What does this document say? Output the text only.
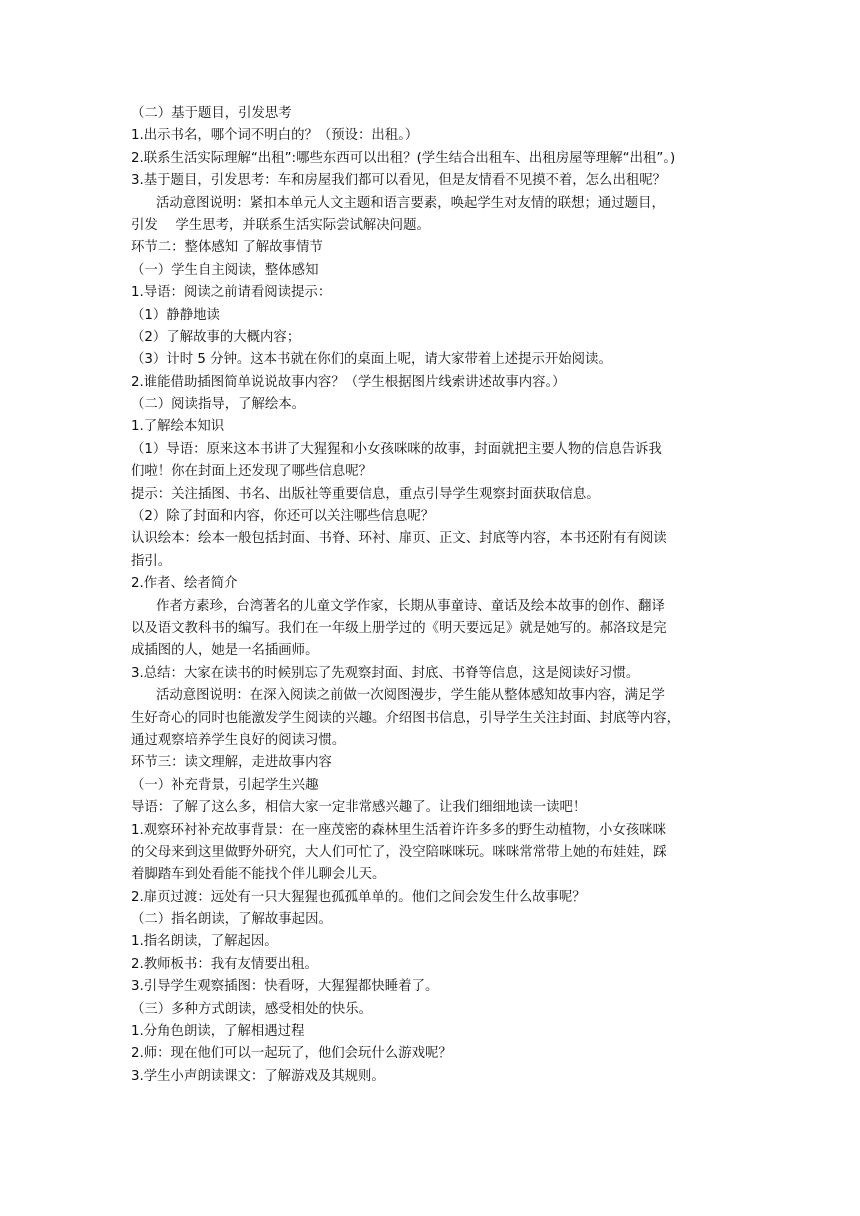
（二）基于题目，引发思考
1.出示书名，哪个词不明白的？（预设：出租。）
2.联系生活实际理解“出租”:哪些东西可以出租？(学生结合出租车、出租房屋等理解“出租”。)
3.基于题目，引发思考：车和房屋我们都可以看见，但是友情看不见摸不着，怎么出租呢？
活动意图说明：紧扣本单元人文主题和语言要素，唤起学生对友情的联想；通过题目，
引发　 学生思考，并联系生活实际尝试解决问题。
环节二：整体感知 了解故事情节
（一）学生自主阅读，整体感知
1.导语：阅读之前请看阅读提示：
（1）静静地读
（2）了解故事的大概内容；
（3）计时 5 分钟。这本书就在你们的桌面上呢，请大家带着上述提示开始阅读。
2.谁能借助插图简单说说故事内容？（学生根据图片线索讲述故事内容。）
（二）阅读指导，了解绘本。
1.了解绘本知识
（1）导语：原来这本书讲了大猩猩和小女孩咪咪的故事，封面就把主要人物的信息告诉我
们啦！你在封面上还发现了哪些信息呢？
提示：关注插图、书名、出版社等重要信息，重点引导学生观察封面获取信息。
（2）除了封面和内容，你还可以关注哪些信息呢？
认识绘本：绘本一般包括封面、书脊、环衬、扉页、正文、封底等内容，本书还附有有阅读
指引。
2.作者、绘者简介
作者方素珍，台湾著名的儿童文学作家，长期从事童诗、童话及绘本故事的创作、翻译
以及语文教科书的编写。我们在一年级上册学过的《明天要远足》就是她写的。郝洛玟是完
成插图的人，她是一名插画师。
3.总结：大家在读书的时候别忘了先观察封面、封底、书脊等信息，这是阅读好习惯。
活动意图说明：在深入阅读之前做一次阅图漫步，学生能从整体感知故事内容，满足学
生好奇心的同时也能激发学生阅读的兴趣。介绍图书信息，引导学生关注封面、封底等内容，
通过观察培养学生良好的阅读习惯。
环节三：读文理解，走进故事内容
（一）补充背景，引起学生兴趣
导语：了解了这么多，相信大家一定非常感兴趣了。让我们细细地读一读吧！
1.观察环衬补充故事背景：在一座茂密的森林里生活着许许多多的野生动植物，小女孩咪咪
的父母来到这里做野外研究，大人们可忙了，没空陪咪咪玩。咪咪常常带上她的布娃娃，踩
着脚踏车到处看能不能找个伴儿聊会儿天。
2.扉页过渡：远处有一只大猩猩也孤孤单单的。他们之间会发生什么故事呢？
（二）指名朗读，了解故事起因。
1.指名朗读，了解起因。
2.教师板书：我有友情要出租。
3.引导学生观察插图：快看呀，大猩猩都快睡着了。
（三）多种方式朗读，感受相处的快乐。
1.分角色朗读，了解相遇过程
2.师：现在他们可以一起玩了，他们会玩什么游戏呢？
3.学生小声朗读课文：了解游戏及其规则。
